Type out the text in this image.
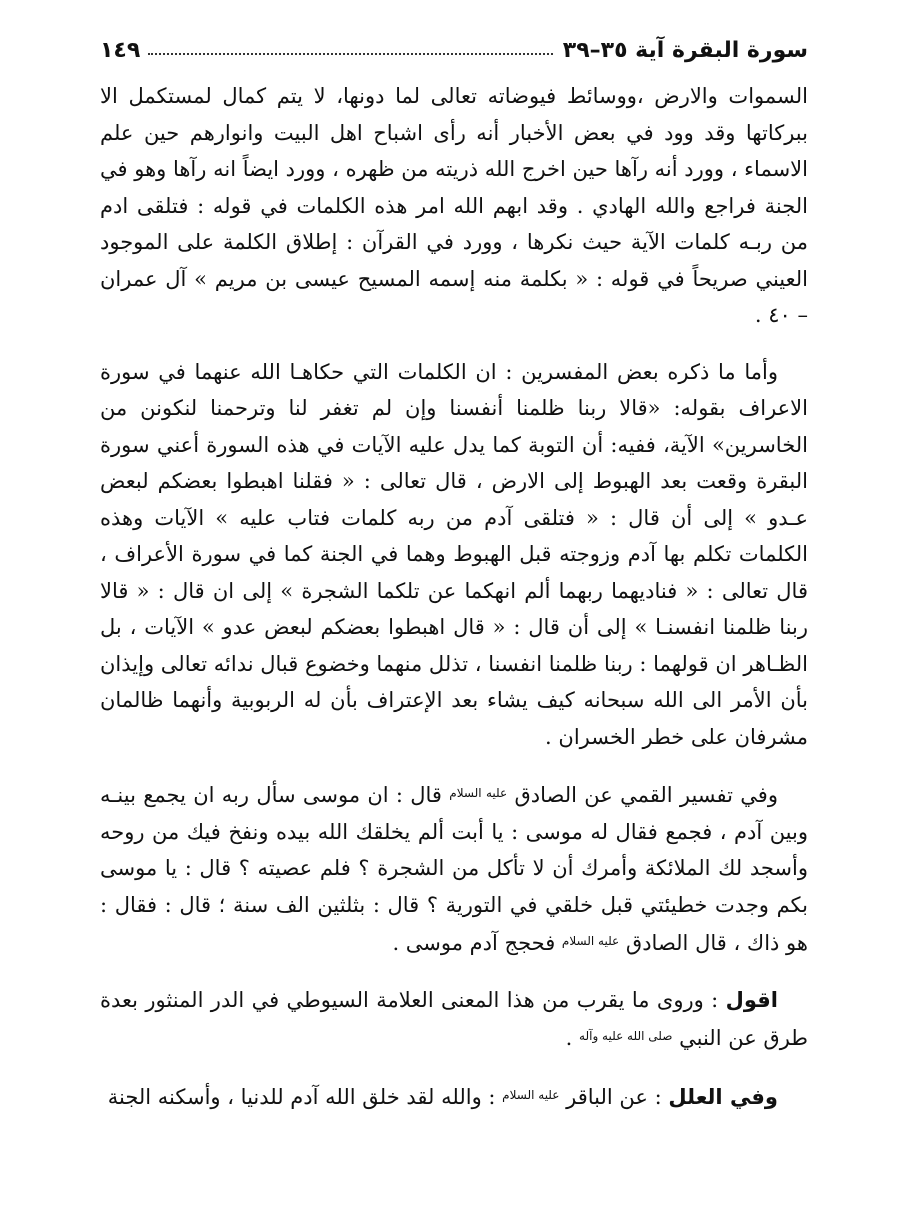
سورة البقرة آية ٣٥–٣٩
١٤٩

السموات والارض ،ووسائط فيوضاته تعالى لما دونها، لا يتم كمال لمستكمل الا ببركاتها وقد وود في بعض الأخبار أنه رأى اشباح اهل البيت وانوارهم حين علم الاسماء ، وورد أنه رآها حين اخرج الله ذريته من ظهره ، وورد ايضاً انه رآها وهو في الجنة فراجع والله الهادي . وقد ابهم الله امر هذه الكلمات في قوله : فتلقى ادم من ربـه كلمات الآية حيث نكرها ، وورد في القرآن : إطلاق الكلمة على الموجود العيني صريحاً في قوله : « بكلمة منه إسمه المسيح عيسى بن مريم » آل عمران – ٤٠ .

وأما ما ذكره بعض المفسرين : ان الكلمات التي حكاهـا الله عنهما في سورة الاعراف بقوله: «قالا ربنا ظلمنا أنفسنا وإن لم تغفر لنا وترحمنا لنكونن من الخاسرين» الآية، ففيه: أن التوبة كما يدل عليه الآيات في هذه السورة أعني سورة البقرة وقعت بعد الهبوط إلى الارض ، قال تعالى : « فقلنا اهبطوا بعضكم لبعض عـدو » إلى أن قال : « فتلقى آدم من ربه كلمات فتاب عليه » الآيات وهذه الكلمات تكلم بها آدم وزوجته قبل الهبوط وهما في الجنة كما في سورة الأعراف ، قال تعالى : « فناديهما ربهما ألم انهكما عن تلكما الشجرة » إلى ان قال : « قالا ربنا ظلمنا انفسنـا » إلى أن قال : « قال اهبطوا بعضكم لبعض عدو » الآيات ، بل الظـاهر ان قولهما : ربنا ظلمنا انفسنا ، تذلل منهما وخضوع قبال ندائه تعالى وإيذان بأن الأمر الى الله سبحانه كيف يشاء بعد الإعتراف بأن له الربوبية وأنهما ظالمان مشرفان على خطر الخسران .

وفي تفسير القمي عن الصادق $^{عليه السلام}$ قال : ان موسى سأل ربه ان يجمع بينـه وبين آدم ، فجمع فقال له موسى : يا أبت ألم يخلقك الله بيده ونفخ فيك من روحه وأسجد لك الملائكة وأمرك أن لا تأكل من الشجرة ؟ فلم عصيته ؟ قال : يا موسى بكم وجدت خطيئتي قبل خلقي في التورية ؟ قال : بثلثين الف سنة ؛ قال : فقال : هو ذاك ، قال الصادق $^{عليه السلام}$ فحجج آدم موسى .

اقول : وروى ما يقرب من هذا المعنى العلامة السيوطي في الدر المنثور بعدة طرق عن النبي $^{صلى الله عليه وآله}$ .

وفي العلل : عن الباقر $^{عليه السلام}$ : والله لقد خلق الله آدم للدنيا ، وأسكنه الجنة
